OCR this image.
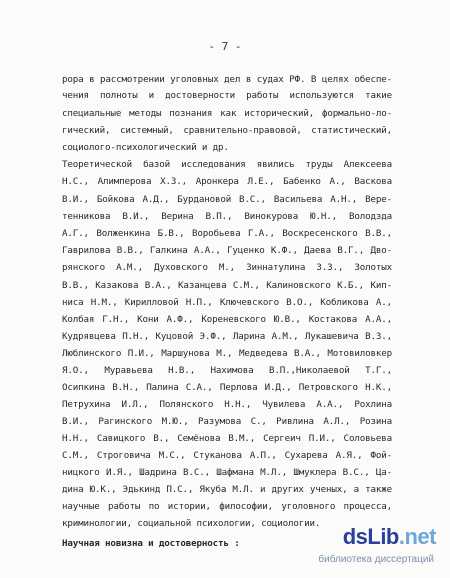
- 7 -
рора в рассмотрении уголовных дел в судах РФ. В целях обеспе-
чения полноты и достоверности работы используются такие
специальные методы познания как исторический, формально-ло-
гический, системный, сравнительно-правовой, статистический,
социолого-психологический и др.
Теоретической базой исследования явились труды Алексеева
Н.С., Алимперова Х.З., Аронкера Л.Е., Бабенко А., Васкова
В.И., Бойкова А.Д., Бурдановой В.С., Васильева А.Н., Вере-
тенникова В.И., Верина В.П., Винокурова Ю.Н., Володзда
А.Г., Волженкина Б.В., Воробьева Г.А., Воскресенского В.В.,
Гаврилова В.В., Галкина А.А., Гуценко К.Ф., Даева В.Г., Дво-
рянского А.М., Духовского М., Зиннатулина З.З., Золотых
В.В., Казакова В.А., Казанцева С.М., Калиновского К.Б., Кип-
ниса Н.М., Кирилловой Н.П., Ключевского В.О., Кобликова А.,
Колбая Г.Н., Кони А.Ф., Кореневского Ю.В., Костакова А.А.,
Кудрявцева П.Н., Куцовой Э.Ф., Ларина А.М., Лукашевича В.З.,
Люблинского П.И., Маршунова М., Медведева В.А., Мотовиловкер
Я.О., Муравьева Н.В., Нахимова В.П.,Николаевой Т.Г.,
Осипкина В.Н., Палина С.А., Перлова И.Д., Петровского Н.К.,
Петрухина И.Л., Полянского Н.Н., Чувилева А.А., Рохлина
В.И., Рагинского М.Ю., Разумова С., Ривлина А.Л., Розина
Н.Н., Савицкого В., Семёнова В.М., Сергеич П.И., Соловьева
С.М., Строговича М.С., Стуканова А.П., Сухарева А.Я., Фой-
ницкого И.Я., Шадрина В.С., Шафмана М.Л., Шмуклера В.С., Ца-
дина Ю.К., Эдькинд П.С., Якуба М.Л. и других ученых, а также
научные работы по истории, философии, уголовного процесса,
криминологии, социальной психологии, социологии.
Научная новизна и достоверность :	dsLib.net
библиотека диссертаций
